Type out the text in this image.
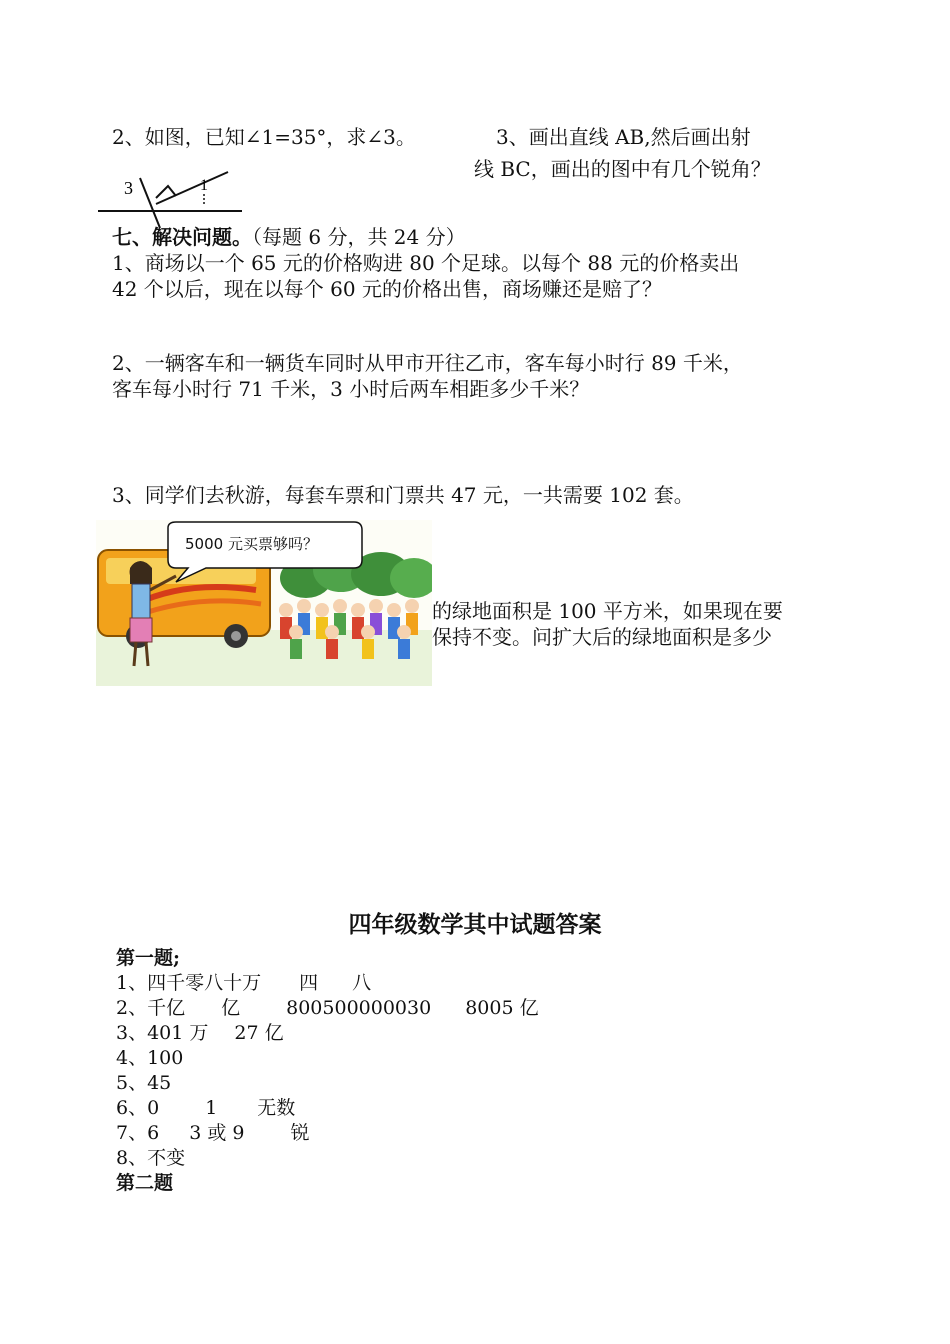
2、如图，已知∠1=35°，求∠3。	3、画出直线 AB,然后画出射
线 BC，画出的图中有几个锐角？
3	1
七、解决问题。（每题 6 分，共 24 分）
1、商场以一个 65 元的价格购进 80 个足球。以每个 88 元的价格卖出
42 个以后，现在以每个 60 元的价格出售，商场赚还是赔了？
2、一辆客车和一辆货车同时从甲市开往乙市，客车每小时行 89 千米，
客车每小时行 71 千米，3 小时后两车相距多少千米？
3、同学们去秋游，每套车票和门票共 47 元，一共需要 102 套。
5000 元买票够吗？
的绿地面积是 100 平方米，如果现在要
保持不变。问扩大后的绿地面积是多少
四年级数学其中试题答案
第一题;
1、四千零八十万 四 八
2、千亿 亿 800500000030 8005 亿
3、401 万 27 亿
4、100
5、45
6、0 1 无数
7、6 3 或 9 锐
8、不变
第二题
